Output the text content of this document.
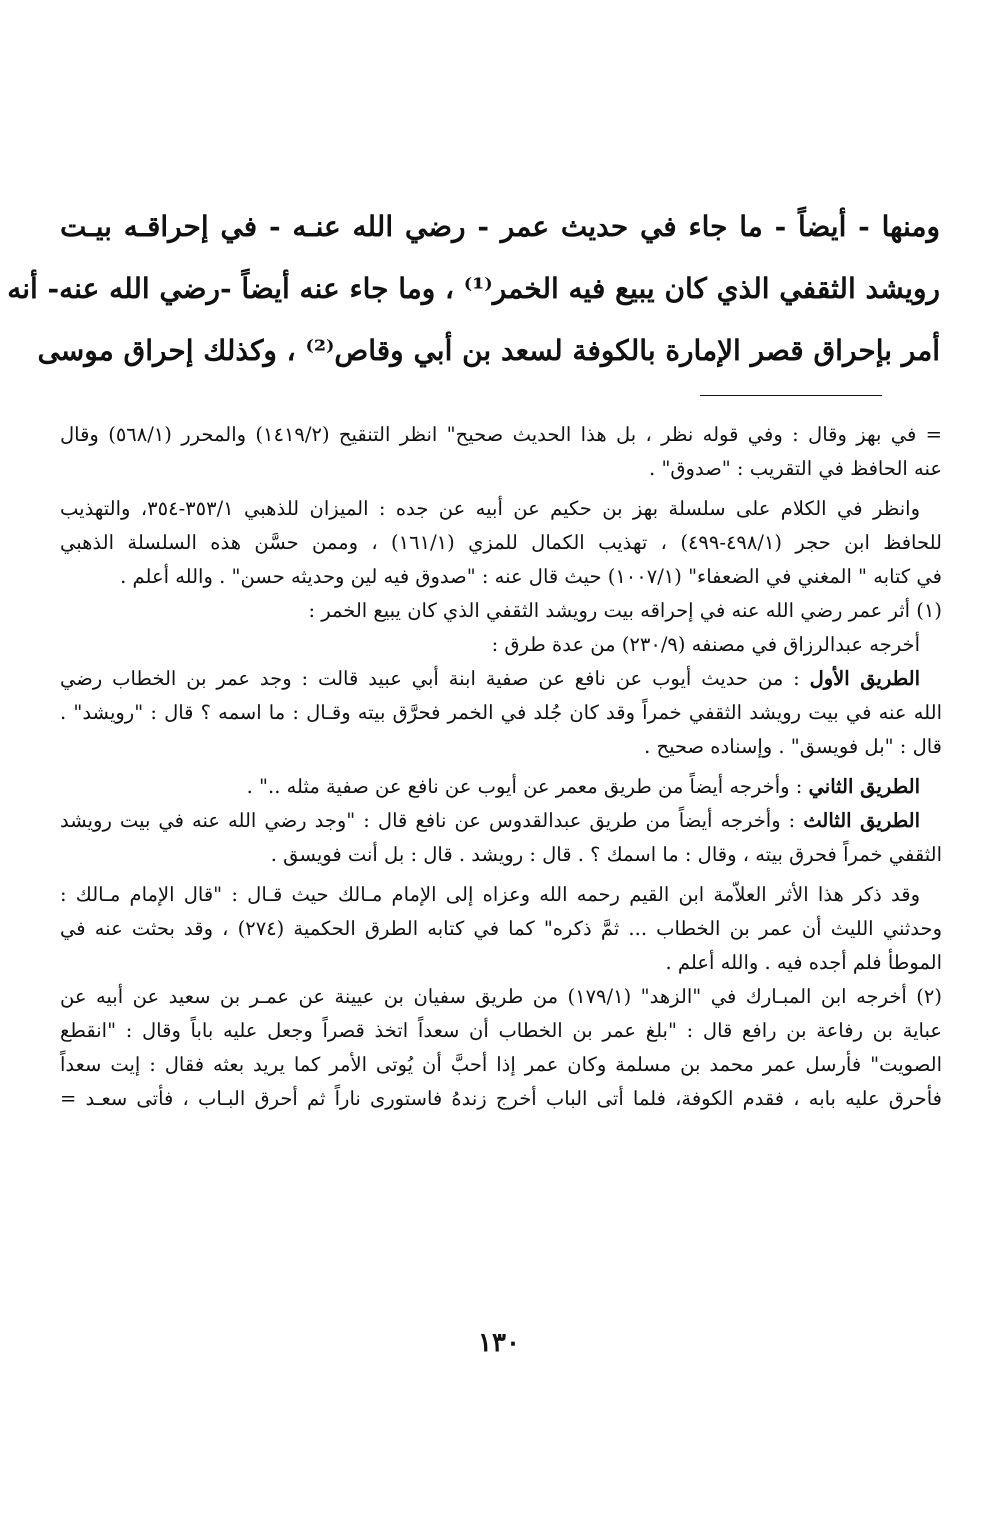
ومنها - أيضاً - ما جاء في حديث عمر - رضي الله عنـه - في إحراقـه بيـت
رويشد الثقفي الذي كان يبيع فيه الخمر⁽¹⁾ ، وما جاء عنه أيضاً -رضي الله عنه- أنه
أمر بإحراق قصر الإمارة بالكوفة لسعد بن أبي وقاص⁽²⁾ ، وكذلك إحراق موسى
= في بهز وقال : وفي قوله نظر ، بل هذا الحديث صحيح" انظر التنقيح (١٤١٩/٢) والمحرر (٥٦٨/١) وقال
عنه الحافظ في التقريب : "صدوق" .
وانظر في الكلام على سلسلة بهز بن حكيم عن أبيه عن جده : الميزان للذهبي ٣٥٣/١-٣٥٤، والتهذيب
للحافظ ابن حجر (٤٩٨/١-٤٩٩) ، تهذيب الكمال للمزي (١٦١/١) ، وممن حسَّن هذه السلسلة الذهبي
في كتابه " المغني في الضعفاء" (١٠٠٧/١) حيث قال عنه : "صدوق فيه لين وحديثه حسن" . والله أعلم .
(١) أثر عمر رضي الله عنه في إحراقه بيت رويشد الثقفي الذي كان يبيع الخمر :
أخرجه عبدالرزاق في مصنفه (٢٣٠/٩) من عدة طرق :
الطريق الأول : من حديث أيوب عن نافع عن صفية ابنة أبي عبيد قالت : وجد عمر بن الخطاب رضي
الله عنه في بيت رويشد الثقفي خمراً وقد كان جُلد في الخمر فحرَّق بيته وقـال : ما اسمه ؟ قال : "رويشد" .
قال : "بل فويسق" . وإسناده صحيح .
الطريق الثاني : وأخرجه أيضاً من طريق معمر عن أيوب عن نافع عن صفية مثله .." .
الطريق الثالث : وأخرجه أيضاً من طريق عبدالقدوس عن نافع قال : "وجد رضي الله عنه في بيت رويشد
الثقفي خمراً فحرق بيته ، وقال : ما اسمك ؟ . قال : رويشد . قال : بل أنت فويسق .
وقد ذكر هذا الأثر العلاّمة ابن القيم رحمه الله وعزاه إلى الإمام مـالك حيث قـال : "قال الإمام مـالك :
وحدثني الليث أن عمر بن الخطاب ... ثمَّ ذكره" كما في كتابه الطرق الحكمية (٢٧٤) ، وقد بحثت عنه في
الموطأ فلم أجده فيه . والله أعلم .
(٢) أخرجه ابن المبـارك في "الزهد" (١٧٩/١) من طريق سفيان بن عيينة عن عمـر بن سعيد عن أبيه عن
عباية بن رفاعة بن رافع قال : "بلغ عمر بن الخطاب أن سعداً اتخذ قصراً وجعل عليه باباً وقال : "انقطع
الصويت" فأرسل عمر محمد بن مسلمة وكان عمر إذا أحبَّ أن يُوتى الأمر كما يريد بعثه فقال : إيت سعداً
فأحرق عليه بابه ، فقدم الكوفة، فلما أتى الباب أخرج زندهُ فاستورى ناراً ثم أحرق البـاب ، فأتى سعـد =
١٣٠
